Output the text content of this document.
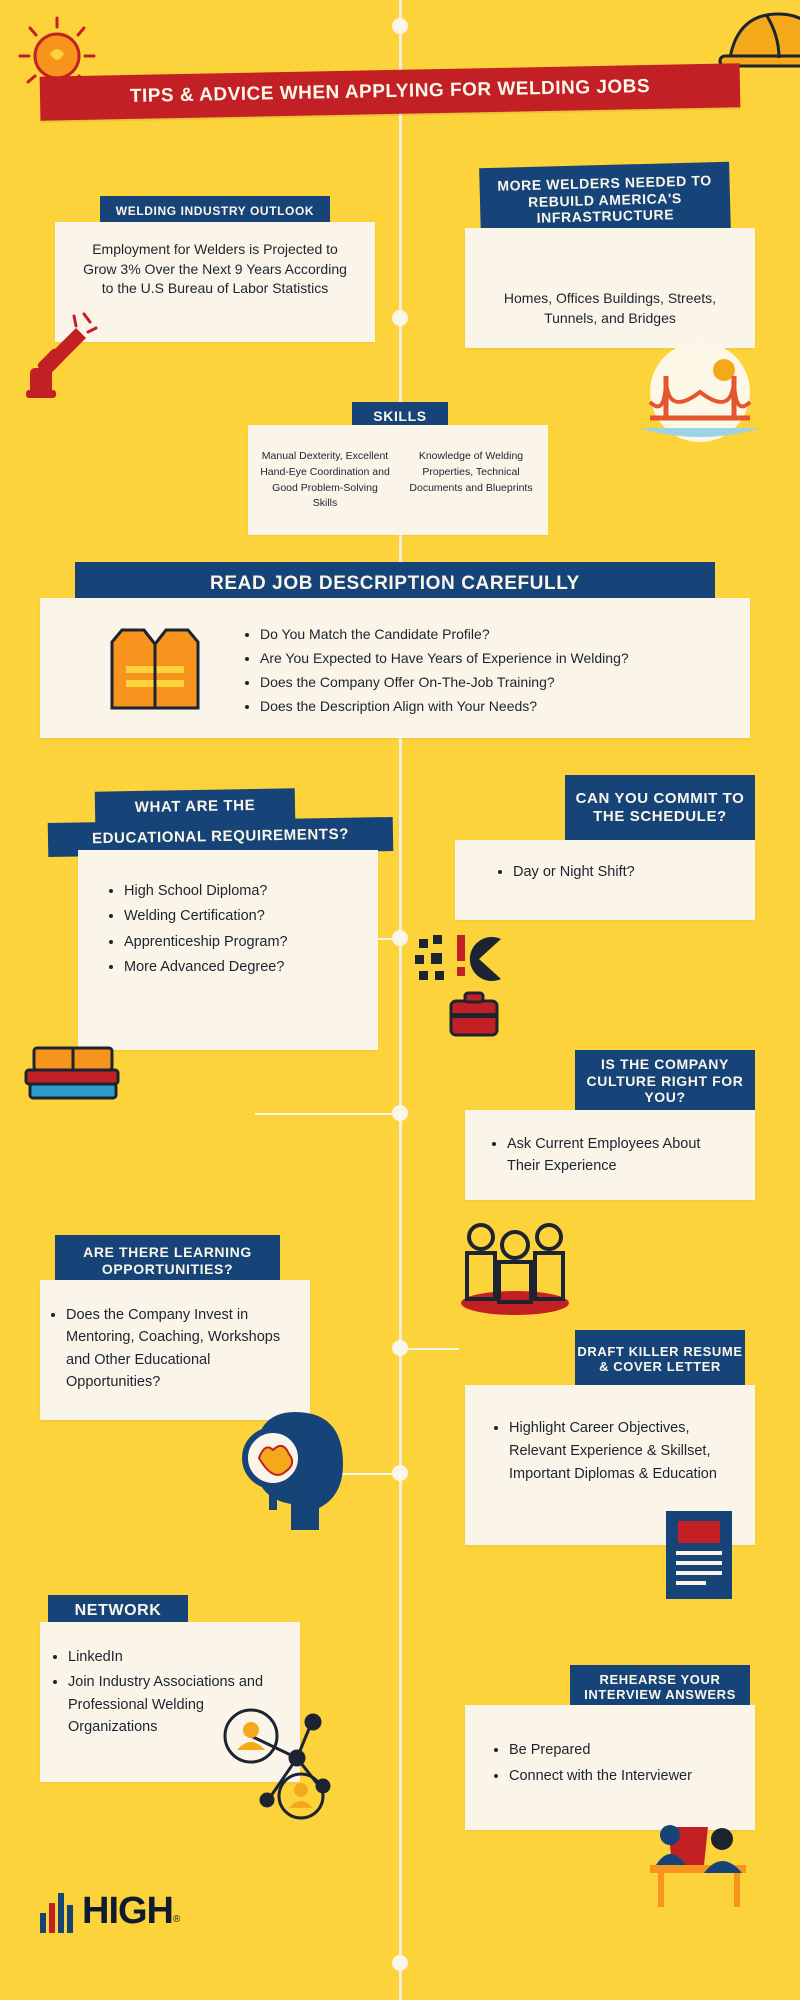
TIPS & ADVICE WHEN APPLYING FOR WELDING JOBS
WELDING INDUSTRY OUTLOOK

Employment for Welders is Projected to Grow 3% Over the Next 9 Years According to the U.S Bureau of Labor Statistics

MORE WELDERS NEEDED TO REBUILD AMERICA'S INFRASTRUCTURE

Homes, Offices Buildings, Streets, Tunnels, and Bridges

SKILLS

Manual Dexterity, Excellent Hand-Eye Coordination and Good Problem-Solving Skills

Knowledge of Welding Properties, Technical Documents and Blueprints

READ JOB DESCRIPTION CAREFULLY
• Do You Match the Candidate Profile?
• Are You Expected to Have Years of Experience in Welding?
• Does the Company Offer On-The-Job Training?
• Does the Description Align with Your Needs?
WHAT ARE THE
EDUCATIONAL REQUIREMENTS?
• High School Diploma?
• Welding Certification?
• Apprenticeship Program?
• More Advanced Degree?
CAN YOU COMMIT TO THE SCHEDULE?
• Day or Night Shift?
IS THE COMPANY CULTURE RIGHT FOR YOU?
• Ask Current Employees About Their Experience
ARE THERE LEARNING OPPORTUNITIES?
• Does the Company Invest in Mentoring, Coaching, Workshops and Other Educational Opportunities?
DRAFT KILLER RESUME & COVER LETTER
• Highlight Career Objectives, Relevant Experience & Skillset, Important Diplomas & Education
NETWORK
• LinkedIn
• Join Industry Associations and Professional Welding Organizations
REHEARSE YOUR INTERVIEW ANSWERS
• Be Prepared
• Connect with the Interviewer
HIGH ®
